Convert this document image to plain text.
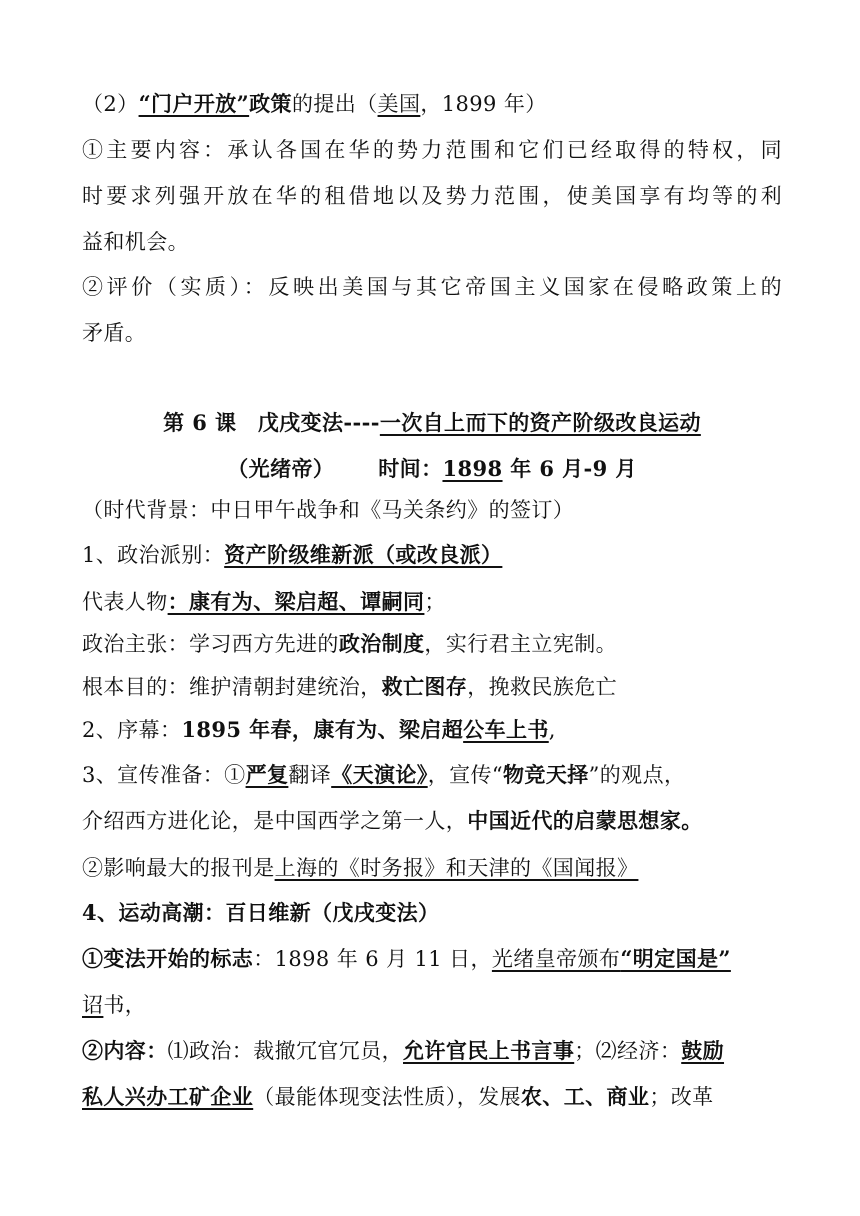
（2）“门户开放”政策的提出（美国，1899 年）
①主要内容：承认各国在华的势力范围和它们已经取得的特权，同
时要求列强开放在华的租借地以及势力范围，使美国享有均等的利
益和机会。
②评价（实质）：反映出美国与其它帝国主义国家在侵略政策上的
矛盾。
第 6 课　戊戌变法----一次自上而下的资产阶级改良运动
（光绪帝） 时间：1898 年 6 月-9 月
（时代背景：中日甲午战争和《马关条约》的签订）
1、政治派别：资产阶级维新派（或改良派）
代表人物：康有为、梁启超、谭嗣同；
政治主张：学习西方先进的政治制度，实行君主立宪制。
根本目的：维护清朝封建统治，救亡图存，挽救民族危亡
2、序幕：1895 年春，康有为、梁启超公车上书,
3、宣传准备：①严复翻译《天演论》，宣传“物竞天择”的观点，
介绍西方进化论，是中国西学之第一人，中国近代的启蒙思想家。
②影响最大的报刊是上海的《时务报》和天津的《国闻报》
4、运动高潮：百日维新（戊戌变法）
①变法开始的标志：1898 年 6 月 11 日，光绪皇帝颁布“明定国是”
诏书，
②内容：⑴政治：裁撤冗官冗员，允许官民上书言事；⑵经济：鼓励
私人兴办工矿企业（最能体现变法性质），发展农、工、商业；改革
